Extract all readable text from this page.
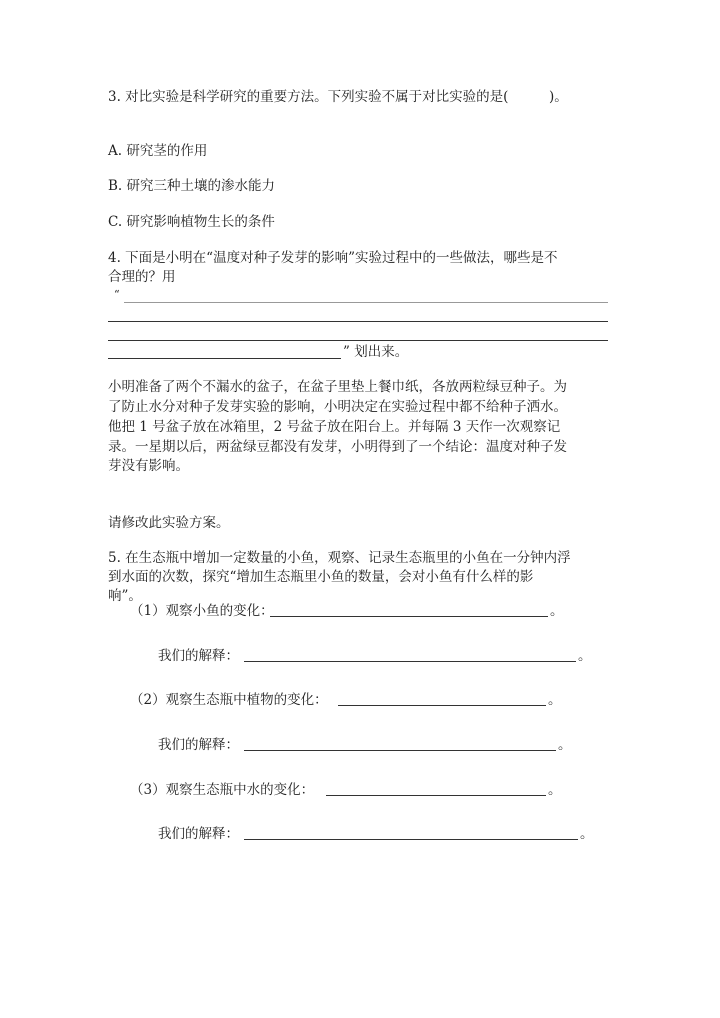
3. 对比实验是科学研究的重要方法。下列实验不属于对比实验的是(　　　)。
A. 研究茎的作用
B. 研究三种土壤的渗水能力
C. 研究影响植物生长的条件
4. 下面是小明在“温度对种子发芽的影响”实验过程中的一些做法，哪些是不
合理的？用
“
” 划出来。
小明准备了两个不漏水的盆子，在盆子里垫上餐巾纸，各放两粒绿豆种子。为
了防止水分对种子发芽实验的影响，小明决定在实验过程中都不给种子洒水。
他把 1 号盆子放在冰箱里，2 号盆子放在阳台上。并每隔 3 天作一次观察记
录。一星期以后，两盆绿豆都没有发芽，小明得到了一个结论：温度对种子发
芽没有影响。
请修改此实验方案。
5. 在生态瓶中增加一定数量的小鱼，观察、记录生态瓶里的小鱼在一分钟内浮
到水面的次数，探究“增加生态瓶里小鱼的数量，会对小鱼有什么样的影
响”。
（1）观察小鱼的变化：	。
我们的解释：	。
（2）观察生态瓶中植物的变化：	。
我们的解释：	。
（3）观察生态瓶中水的变化：	。
我们的解释：	。
